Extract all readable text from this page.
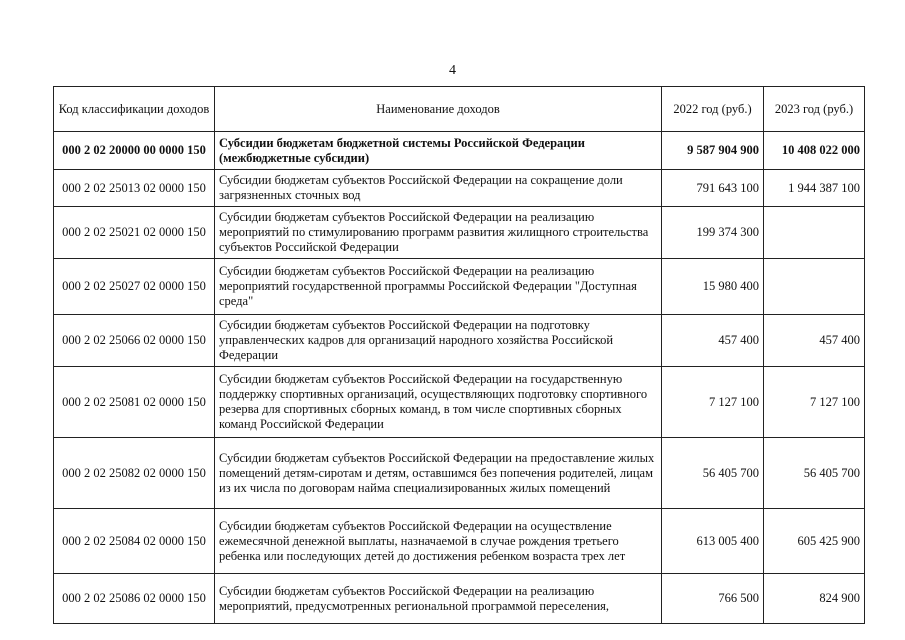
4
Код классификации доходов	Наименование доходов	2022 год (руб.)	2023 год (руб.)
000 2 02 20000 00 0000 150	Субсидии бюджетам бюджетной системы Российской Федерации (межбюджетные субсидии)	9 587 904 900	10 408 022 000
000 2 02 25013 02 0000 150	Субсидии бюджетам субъектов Российской Федерации на сокращение доли загрязненных сточных вод	791 643 100	1 944 387 100
000 2 02 25021 02 0000 150	Субсидии бюджетам субъектов Российской Федерации на реализацию мероприятий по стимулированию программ развития жилищного строительства субъектов Российской Федерации	199 374 300	
000 2 02 25027 02 0000 150	Субсидии бюджетам субъектов Российской Федерации на реализацию мероприятий государственной программы Российской Федерации "Доступная среда"	15 980 400	
000 2 02 25066 02 0000 150	Субсидии бюджетам субъектов Российской Федерации на подготовку управленческих кадров для организаций народного хозяйства Российской Федерации	457 400	457 400
000 2 02 25081 02 0000 150	Субсидии бюджетам субъектов Российской Федерации на государственную поддержку спортивных организаций, осуществляющих подготовку спортивного резерва для спортивных сборных команд, в том числе спортивных сборных команд Российской Федерации	7 127 100	7 127 100
000 2 02 25082 02 0000 150	Субсидии бюджетам субъектов Российской Федерации на предоставление жилых помещений детям-сиротам и детям, оставшимся без попечения родителей, лицам из их числа по договорам найма специализированных жилых помещений	56 405 700	56 405 700
000 2 02 25084 02 0000 150	Субсидии бюджетам субъектов Российской Федерации на осуществление ежемесячной денежной выплаты, назначаемой в случае рождения третьего ребенка или последующих детей до достижения ребенком возраста трех лет	613 005 400	605 425 900
000 2 02 25086 02 0000 150	Субсидии бюджетам субъектов Российской Федерации на реализацию мероприятий, предусмотренных региональной программой переселения,	766 500	824 900
